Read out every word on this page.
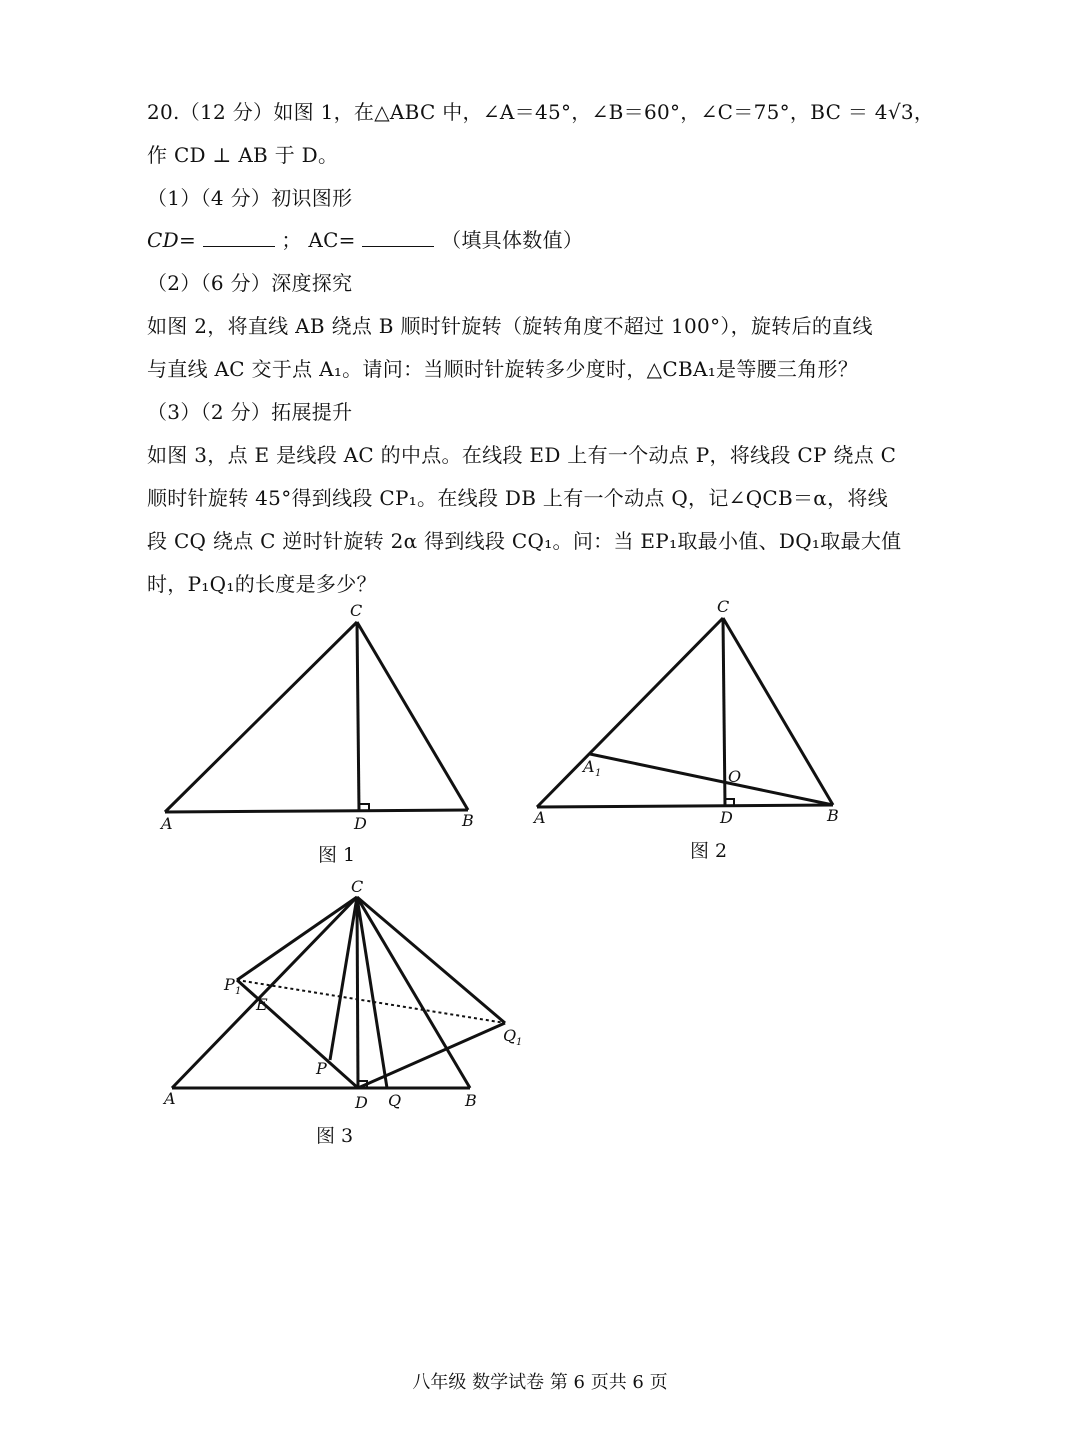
20.（12 分）如图 1，在△ABC 中，∠A＝45°，∠B＝60°，∠C＝75°，BC ＝ 4√3，
作 CD ⊥ AB 于 D。
（1）（4 分）初识图形
CD=	； AC=	（填具体数值）
（2）（6 分）深度探究
如图 2，将直线 AB 绕点 B 顺时针旋转（旋转角度不超过 100°），旋转后的直线
与直线 AC 交于点 A₁。请问：当顺时针旋转多少度时，△CBA₁是等腰三角形？
（3）（2 分）拓展提升
如图 3，点 E 是线段 AC 的中点。在线段 ED 上有一个动点 P，将线段 CP 绕点 C
顺时针旋转 45°得到线段 CP₁。在线段 DB 上有一个动点 Q，记∠QCB＝α，将线
段 CQ 绕点 C 逆时针旋转 2α 得到线段 CQ₁。问：当 EP₁取最小值、DQ₁取最大值
时，P₁Q₁的长度是多少？
C
A	D	B
图 1
C
A	D	B
A 1	O
图 2
C
A	D Q	B
E
P
P 1
Q 1
图 3
八年级 数学试卷 第 6 页共 6 页
